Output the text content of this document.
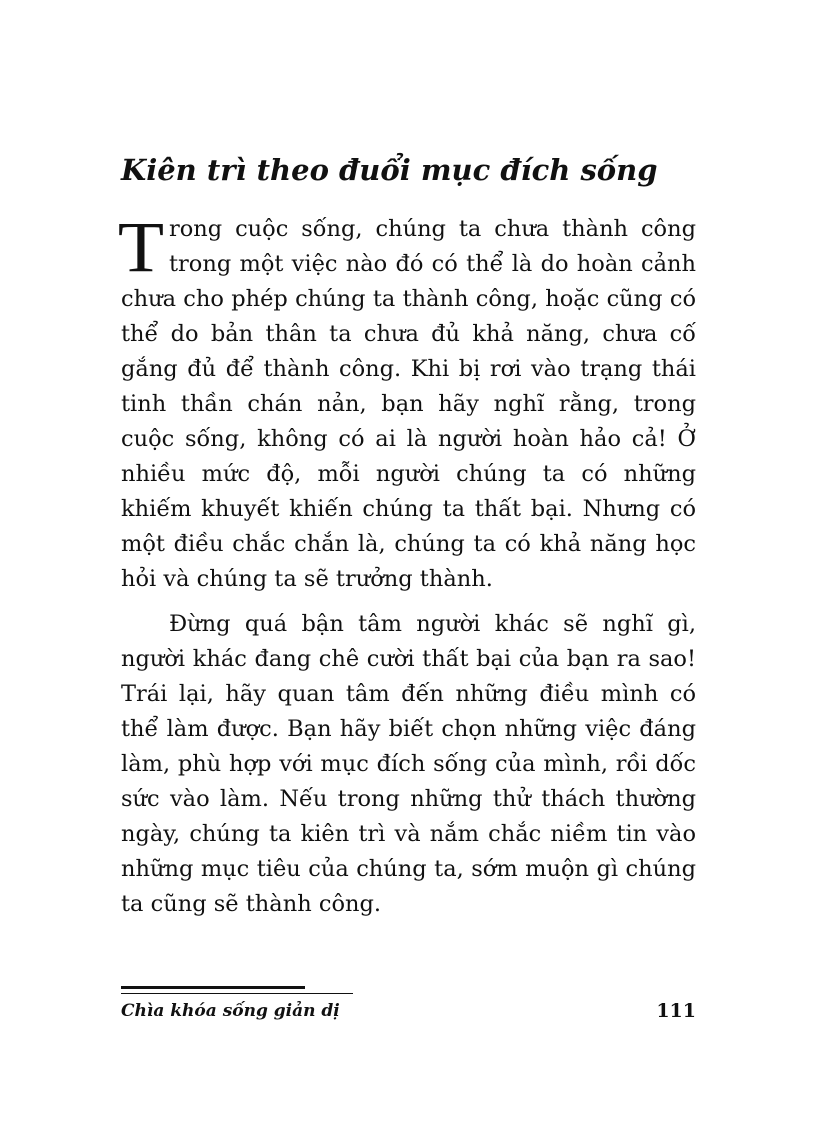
Kiên trì theo đuổi mục đích sống

Trong cuộc sống, chúng ta chưa thành công trong một việc nào đó có thể là do hoàn cảnh chưa cho phép chúng ta thành công, hoặc cũng có thể do bản thân ta chưa đủ khả năng, chưa cố gắng đủ để thành công. Khi bị rơi vào trạng thái tinh thần chán nản, bạn hãy nghĩ rằng, trong cuộc sống, không có ai là người hoàn hảo cả! Ở nhiều mức độ, mỗi người chúng ta có những khiếm khuyết khiến chúng ta thất bại. Nhưng có một điều chắc chắn là, chúng ta có khả năng học hỏi và chúng ta sẽ trưởng thành.

Đừng quá bận tâm người khác sẽ nghĩ gì, người khác đang chê cười thất bại của bạn ra sao! Trái lại, hãy quan tâm đến những điều mình có thể làm được. Bạn hãy biết chọn những việc đáng làm, phù hợp với mục đích sống của mình, rồi dốc sức vào làm. Nếu trong những thử thách thường ngày, chúng ta kiên trì và nắm chắc niềm tin vào những mục tiêu của chúng ta, sớm muộn gì chúng ta cũng sẽ thành công.

Chìa khóa sống giản dị	111
